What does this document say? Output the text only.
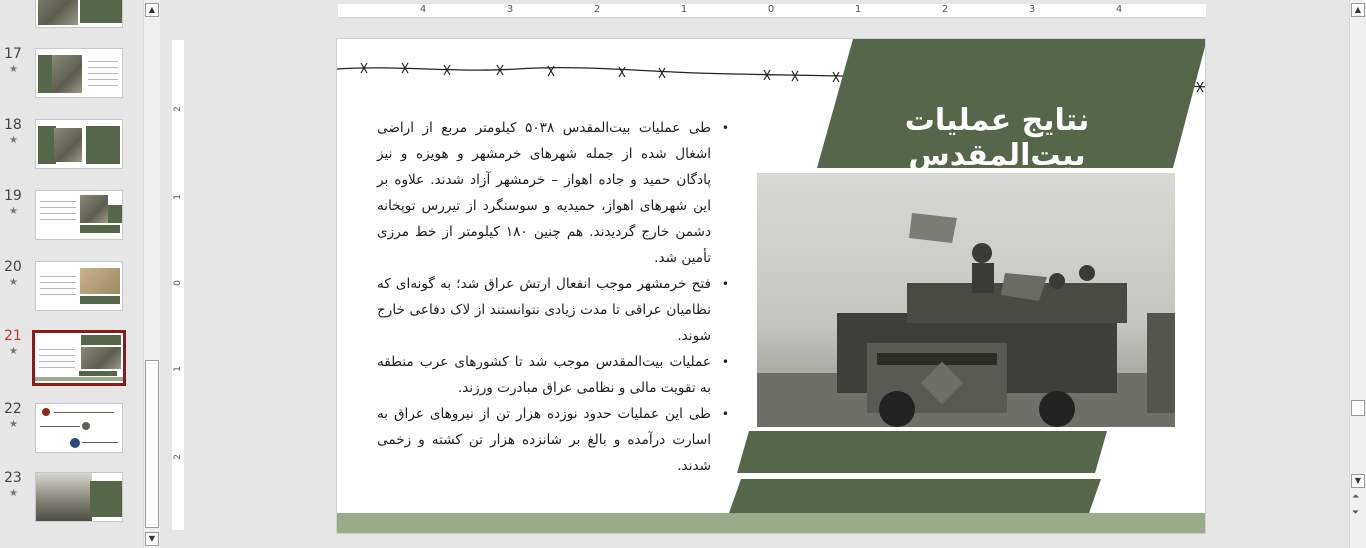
17
★
18
★
19
★
20
★
21
★
22
★
23
★
▲
▼
4	3	2	1	0	1	2	3	4
2
1
0
1
2
نتایج عملیات بیت‌المقدس
• طی عملیات بیت‌المقدس ۵۰۳۸ کیلومتر مربع از اراضی اشغال شده از جمله شهرهای خرمشهر و هویزه و نیز پادگان حمید و جاده اهواز – خرمشهر آزاد شدند. علاوه بر این شهرهای اهواز، حمیدیه و سوسنگرد از تیررس توپخانه دشمن خارج گردیدند. هم چنین ۱۸۰ کیلومتر از خط مرزی تأمین شد.
• فتح خرمشهر موجب انفعال ارتش عراق شد؛ به گونه‌ای که نظامیان عراقی تا مدت زیادی نتوانستند از لاک دفاعی خارج شوند.
• عملیات بیت‌المقدس موجب شد تا کشورهای عرب منطقه به تقویت مالی و نظامی عراق مبادرت ورزند.
• طی این عملیات حدود نوزده هزار تن از نیروهای عراق به اسارت درآمده و بالغ بر شانزده هزار تن کشته و زخمی شدند.
▲
▼
⏶
⏷
